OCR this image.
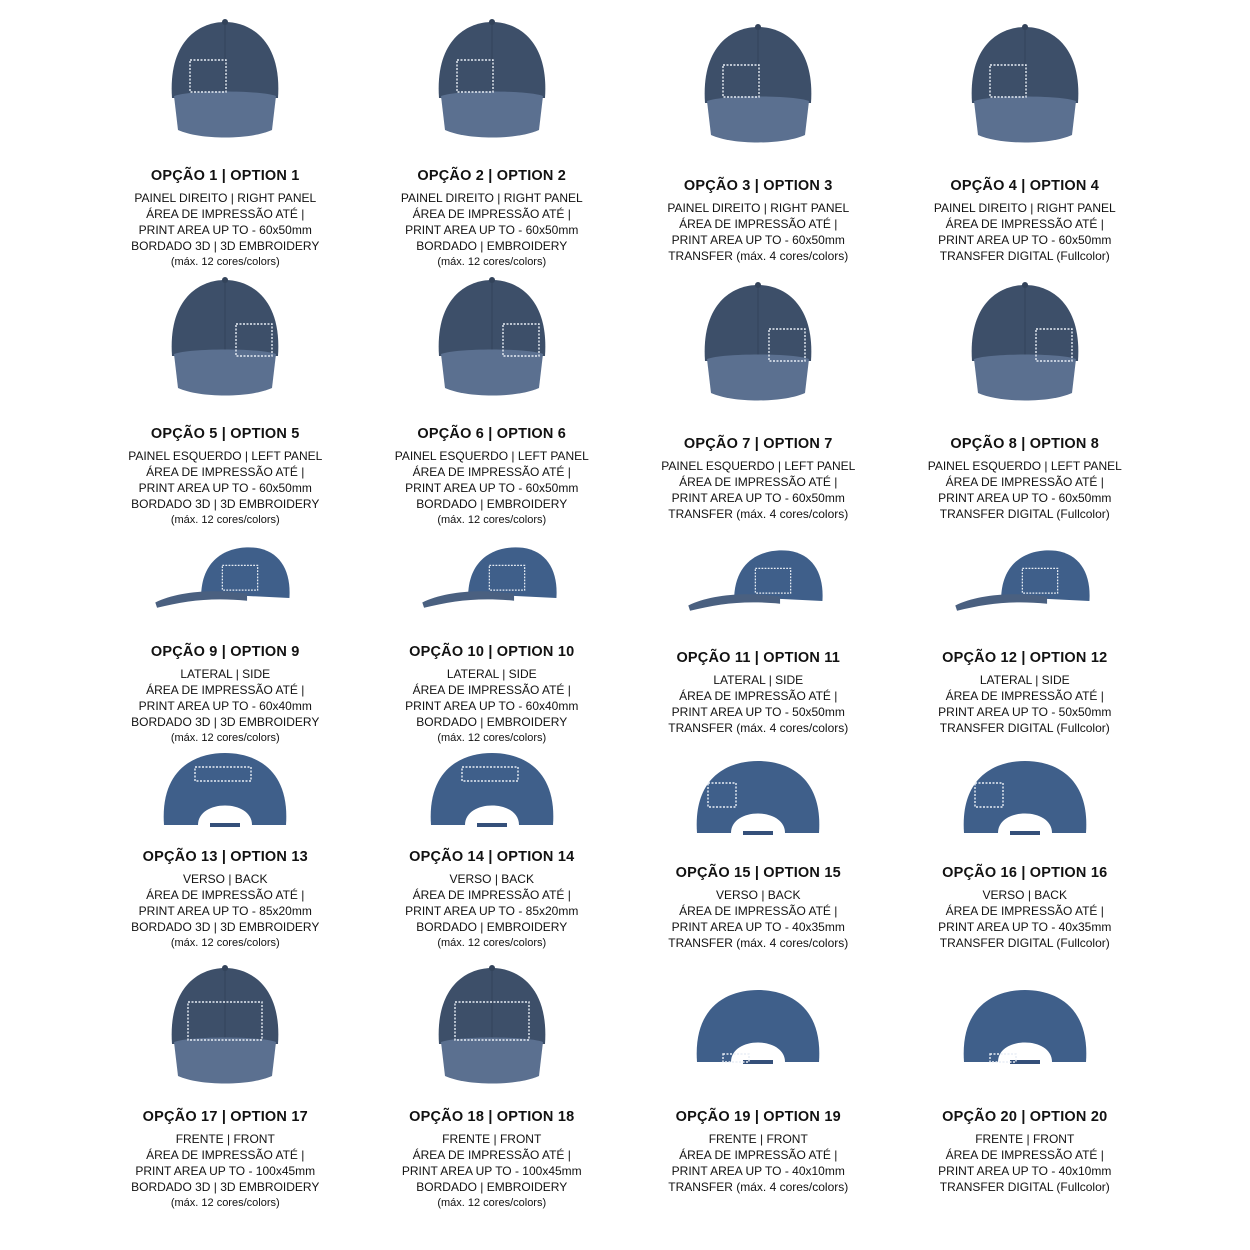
OPÇÃO 1 | OPTION 1
PAINEL DIREITO | RIGHT PANEL
ÁREA DE IMPRESSÃO ATÉ |
PRINT AREA UP TO - 60x50mm
BORDADO 3D | 3D EMBROIDERY
(máx. 12 cores/colors)
OPÇÃO 2 | OPTION 2
PAINEL DIREITO | RIGHT PANEL
ÁREA DE IMPRESSÃO ATÉ |
PRINT AREA UP TO - 60x50mm
BORDADO | EMBROIDERY
(máx. 12 cores/colors)
OPÇÃO 3 | OPTION 3
PAINEL DIREITO | RIGHT PANEL
ÁREA DE IMPRESSÃO ATÉ |
PRINT AREA UP TO - 60x50mm
TRANSFER (máx. 4 cores/colors)
OPÇÃO 4 | OPTION 4
PAINEL DIREITO | RIGHT PANEL
ÁREA DE IMPRESSÃO ATÉ |
PRINT AREA UP TO - 60x50mm
TRANSFER DIGITAL (Fullcolor)
OPÇÃO 5 | OPTION 5
PAINEL ESQUERDO | LEFT PANEL
ÁREA DE IMPRESSÃO ATÉ |
PRINT AREA UP TO - 60x50mm
BORDADO 3D | 3D EMBROIDERY
(máx. 12 cores/colors)
OPÇÃO 6 | OPTION 6
PAINEL ESQUERDO | LEFT PANEL
ÁREA DE IMPRESSÃO ATÉ |
PRINT AREA UP TO - 60x50mm
BORDADO | EMBROIDERY
(máx. 12 cores/colors)
OPÇÃO 7 | OPTION 7
PAINEL ESQUERDO | LEFT PANEL
ÁREA DE IMPRESSÃO ATÉ |
PRINT AREA UP TO - 60x50mm
TRANSFER (máx. 4 cores/colors)
OPÇÃO 8 | OPTION 8
PAINEL ESQUERDO | LEFT PANEL
ÁREA DE IMPRESSÃO ATÉ |
PRINT AREA UP TO - 60x50mm
TRANSFER DIGITAL (Fullcolor)
OPÇÃO 9 | OPTION 9
LATERAL | SIDE
ÁREA DE IMPRESSÃO ATÉ |
PRINT AREA UP TO - 60x40mm
BORDADO 3D | 3D EMBROIDERY
(máx. 12 cores/colors)
OPÇÃO 10 | OPTION 10
LATERAL | SIDE
ÁREA DE IMPRESSÃO ATÉ |
PRINT AREA UP TO - 60x40mm
BORDADO | EMBROIDERY
(máx. 12 cores/colors)
OPÇÃO 11 | OPTION 11
LATERAL | SIDE
ÁREA DE IMPRESSÃO ATÉ |
PRINT AREA UP TO - 50x50mm
TRANSFER (máx. 4 cores/colors)
OPÇÃO 12 | OPTION 12
LATERAL | SIDE
ÁREA DE IMPRESSÃO ATÉ |
PRINT AREA UP TO - 50x50mm
TRANSFER DIGITAL (Fullcolor)
OPÇÃO 13 | OPTION 13
VERSO | BACK
ÁREA DE IMPRESSÃO ATÉ |
PRINT AREA UP TO - 85x20mm
BORDADO 3D | 3D EMBROIDERY
(máx. 12 cores/colors)
OPÇÃO 14 | OPTION 14
VERSO | BACK
ÁREA DE IMPRESSÃO ATÉ |
PRINT AREA UP TO - 85x20mm
BORDADO | EMBROIDERY
(máx. 12 cores/colors)
OPÇÃO 15 | OPTION 15
VERSO | BACK
ÁREA DE IMPRESSÃO ATÉ |
PRINT AREA UP TO - 40x35mm
TRANSFER (máx. 4 cores/colors)
OPÇÃO 16 | OPTION 16
VERSO | BACK
ÁREA DE IMPRESSÃO ATÉ |
PRINT AREA UP TO - 40x35mm
TRANSFER DIGITAL (Fullcolor)
OPÇÃO 17 | OPTION 17
FRENTE | FRONT
ÁREA DE IMPRESSÃO ATÉ |
PRINT AREA UP TO - 100x45mm
BORDADO 3D | 3D EMBROIDERY
(máx. 12 cores/colors)
OPÇÃO 18 | OPTION 18
FRENTE | FRONT
ÁREA DE IMPRESSÃO ATÉ |
PRINT AREA UP TO - 100x45mm
BORDADO | EMBROIDERY
(máx. 12 cores/colors)
OPÇÃO 19 | OPTION 19
FRENTE | FRONT
ÁREA DE IMPRESSÃO ATÉ |
PRINT AREA UP TO - 40x10mm
TRANSFER (máx. 4 cores/colors)
OPÇÃO 20 | OPTION 20
FRENTE | FRONT
ÁREA DE IMPRESSÃO ATÉ |
PRINT AREA UP TO - 40x10mm
TRANSFER DIGITAL (Fullcolor)
